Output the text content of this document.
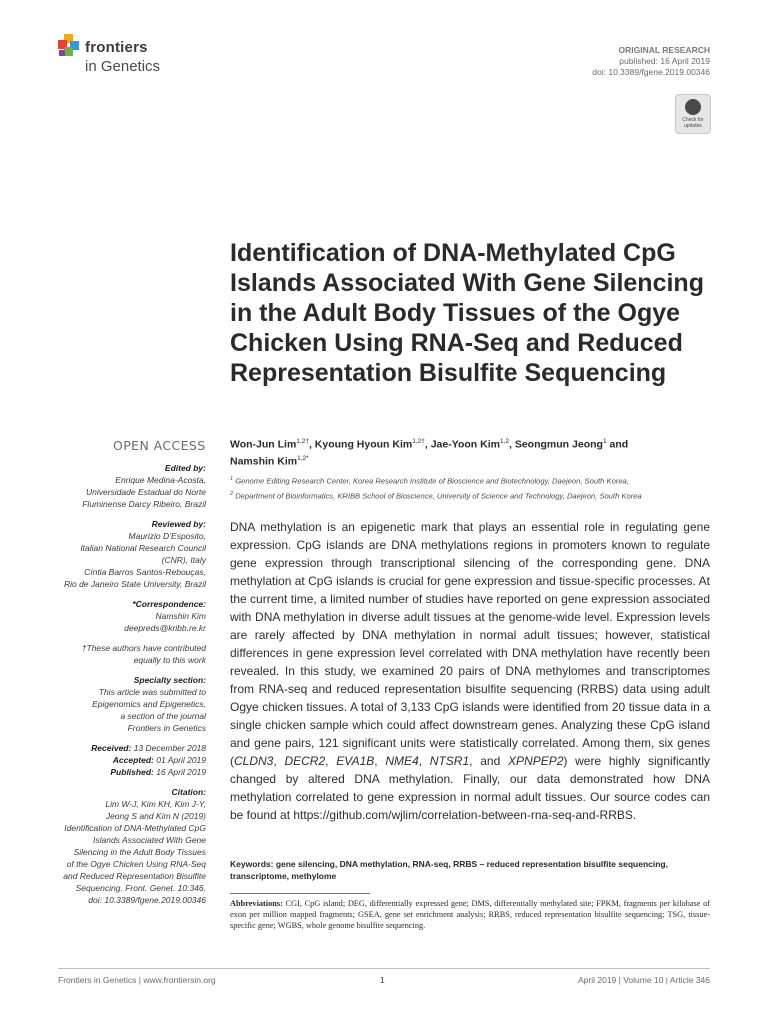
frontiers
in Genetics
ORIGINAL RESEARCH
published: 16 April 2019
doi: 10.3389/fgene.2019.00346
Check for updates
Identification of DNA-Methylated CpG Islands Associated With Gene Silencing in the Adult Body Tissues of the Ogye Chicken Using RNA-Seq and Reduced Representation Bisulfite Sequencing
OPEN ACCESS
Edited by:
Enrique Medina-Acosta,
Universidade Estadual do Norte
Fluminense Darcy Ribeiro, Brazil
Reviewed by:
Maurizio D’Esposito,
Italian National Research Council
(CNR), Italy
Cíntia Barros Santos-Rebouças,
Rio de Janeiro State University, Brazil
*Correspondence:
Namshin Kim
deepreds@kribb.re.kr
†These authors have contributed
equally to this work
Specialty section:
This article was submitted to
Epigenomics and Epigenetics,
a section of the journal
Frontiers in Genetics
Received: 13 December 2018
Accepted: 01 April 2019
Published: 16 April 2019
Citation:
Lim W-J, Kim KH, Kim J-Y,
Jeong S and Kim N (2019)
Identification of DNA-Methylated CpG
Islands Associated With Gene
Silencing in the Adult Body Tissues
of the Ogye Chicken Using RNA-Seq
and Reduced Representation Bisulfite
Sequencing. Front. Genet. 10:346.
doi: 10.3389/fgene.2019.00346
Won-Jun Lim$^{1,2\dagger}$, Kyoung Hyoun Kim$^{1,2\dagger}$, Jae-Yoon Kim$^{1,2}$, Seongmun Jeong$^1$ and
Namshin Kim$^{1,2*}$
$^1$ Genome Editing Research Center, Korea Research Institute of Bioscience and Biotechnology, Daejeon, South Korea,
$^2$ Department of Bioinformatics, KRIBB School of Bioscience, University of Science and Technology, Daejeon, South Korea
DNA methylation is an epigenetic mark that plays an essential role in regulating gene expression. CpG islands are DNA methylations regions in promoters known to regulate gene expression through transcriptional silencing of the corresponding gene. DNA methylation at CpG islands is crucial for gene expression and tissue-specific processes. At the current time, a limited number of studies have reported on gene expression associated with DNA methylation in diverse adult tissues at the genome-wide level. Expression levels are rarely affected by DNA methylation in normal adult tissues; however, statistical differences in gene expression level correlated with DNA methylation have recently been revealed. In this study, we examined 20 pairs of DNA methylomes and transcriptomes from RNA-seq and reduced representation bisulfite sequencing (RRBS) data using adult Ogye chicken tissues. A total of 3,133 CpG islands were identified from 20 tissue data in a single chicken sample which could affect downstream genes. Analyzing these CpG island and gene pairs, 121 significant units were statistically correlated. Among them, six genes (CLDN3, DECR2, EVA1B, NME4, NTSR1, and XPNPEP2) were highly significantly changed by altered DNA methylation. Finally, our data demonstrated how DNA methylation correlated to gene expression in normal adult tissues. Our source codes can be found at https://github.com/wjlim/correlation-between-rna-seq-and-RRBS.
Keywords: gene silencing, DNA methylation, RNA-seq, RRBS – reduced representation bisulfite sequencing, transcriptome, methylome
Abbreviations: CGI, CpG island; DEG, differentially expressed gene; DMS, differentially methylated site; FPKM, fragments per kilobase of exon per million mapped fragments; GSEA, gene set enrichment analysis; RRBS, reduced representation bisulfite sequencing; TSG, tissue-specific gene; WGBS, whole genome bisulfite sequencing.
Frontiers in Genetics | www.frontiersin.org	1	April 2019 | Volume 10 | Article 346
